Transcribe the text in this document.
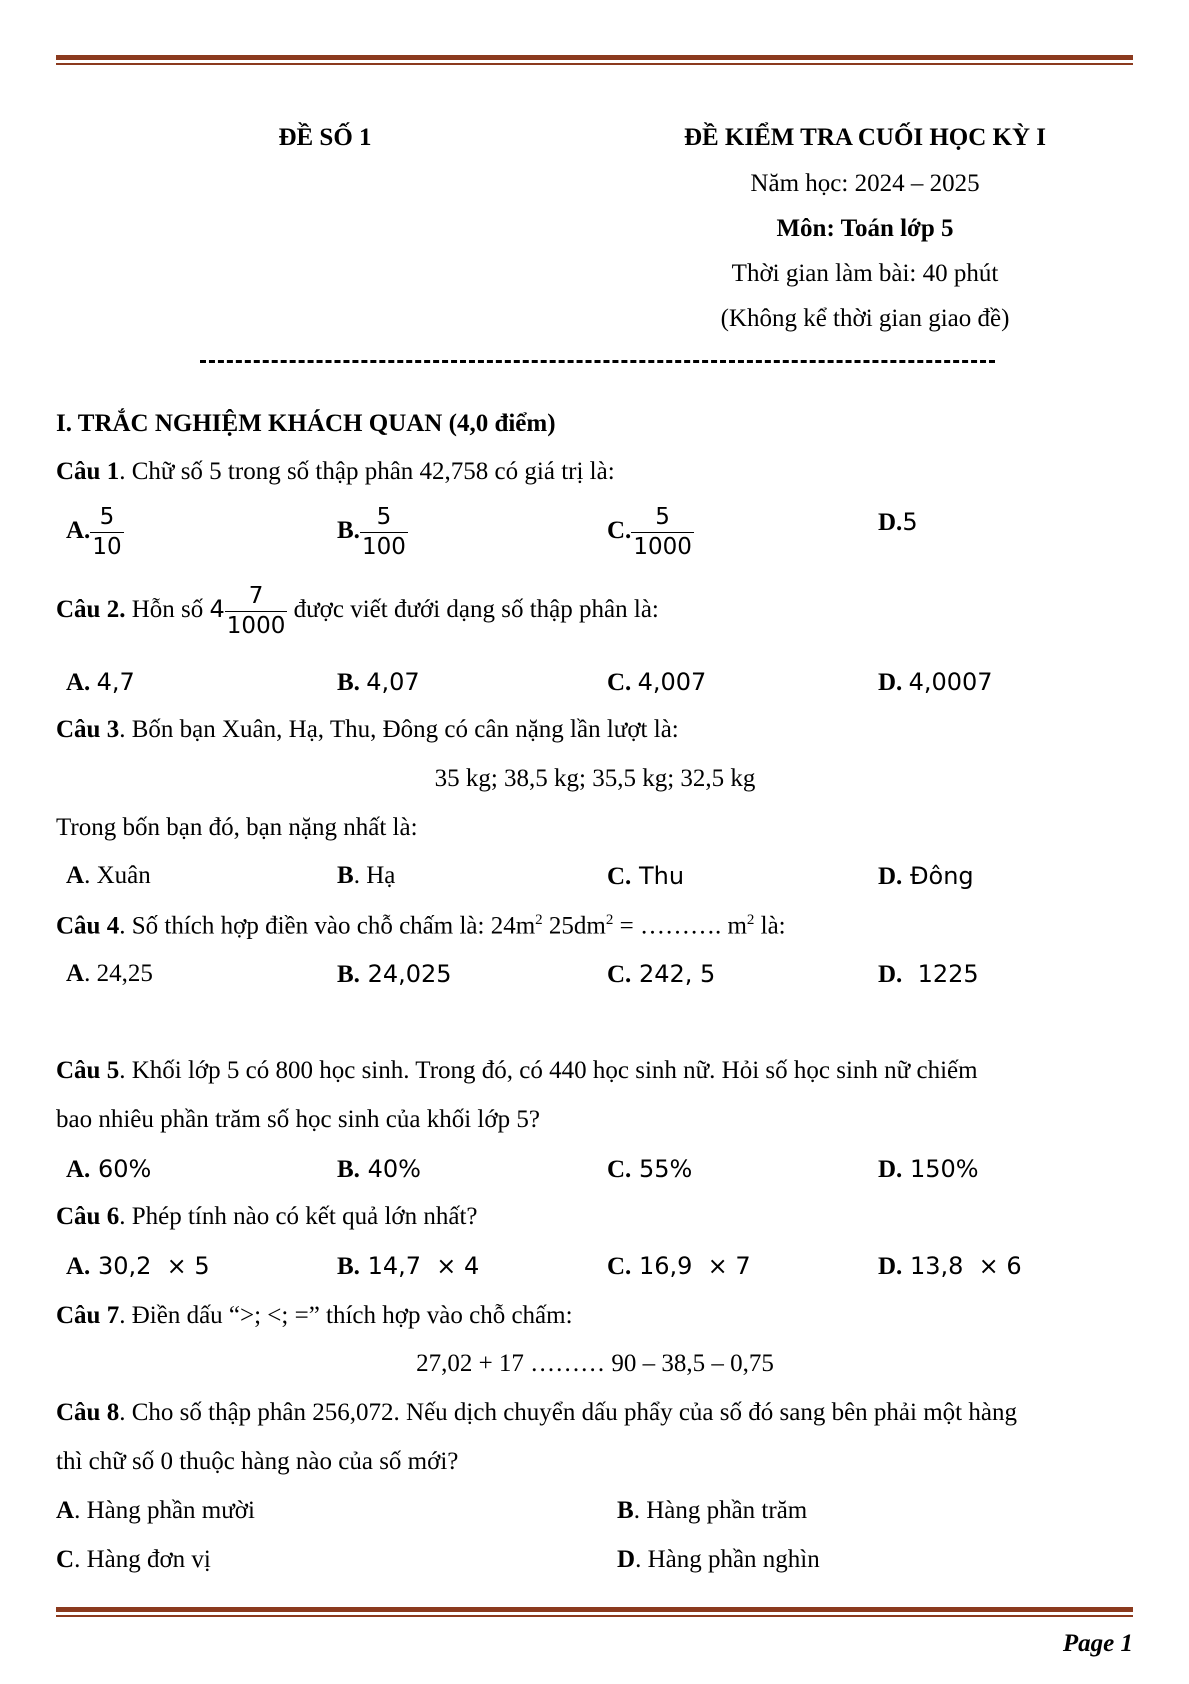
ĐỀ SỐ 1	ĐỀ KIỂM TRA CUỐI HỌC KỲ I
Năm học: 2024 – 2025
Môn: Toán lớp 5
Thời gian làm bài: 40 phút
(Không kể thời gian giao đề)
I. TRẮC NGHIỆM KHÁCH QUAN (4,0 điểm)
Câu 1. Chữ số 5 trong số thập phân 42,758 có giá trị là:
A. $\frac{5}{10}$	B. $\frac{5}{100}$	C. $\frac{5}{1000}$	D.5
Câu 2. Hỗn số $4 \frac{7}{1000}$ được viết đưới dạng số thập phân là:
A. 4,7	B. 4,07	C. 4,007	D. 4,0007
Câu 3. Bốn bạn Xuân, Hạ, Thu, Đông có cân nặng lần lượt là:
35 kg; 38,5 kg; 35,5 kg; 32,5 kg
Trong bốn bạn đó, bạn nặng nhất là:
A. Xuân	B. Hạ	C. Thu	D. Đông
Câu 4. Số thích hợp điền vào chỗ chấm là: $24m^2$ $25dm^2$ = ………. $m^2$ là:
A. 24,25	B. 24,025	C. 242, 5	D.  1225
Câu 5. Khối lớp 5 có 800 học sinh. Trong đó, có 440 học sinh nữ. Hỏi số học sinh nữ chiếm
bao nhiêu phần trăm số học sinh của khối lớp 5?
A. 60%	B. 40%	C. 55%	D. 150%
Câu 6. Phép tính nào có kết quả lớn nhất?
A. 30,2  × 5	B. 14,7  × 4	C. 16,9  × 7	D. 13,8  × 6
Câu 7. Điền dấu “>; <; =” thích hợp vào chỗ chấm:
27,02 + 17 ……… 90 – 38,5 – 0,75
Câu 8. Cho số thập phân 256,072. Nếu dịch chuyển dấu phẩy của số đó sang bên phải một hàng
thì chữ số 0 thuộc hàng nào của số mới?
A. Hàng phần mười	B. Hàng phần trăm
C. Hàng đơn vị	D. Hàng phần nghìn
Page 1
